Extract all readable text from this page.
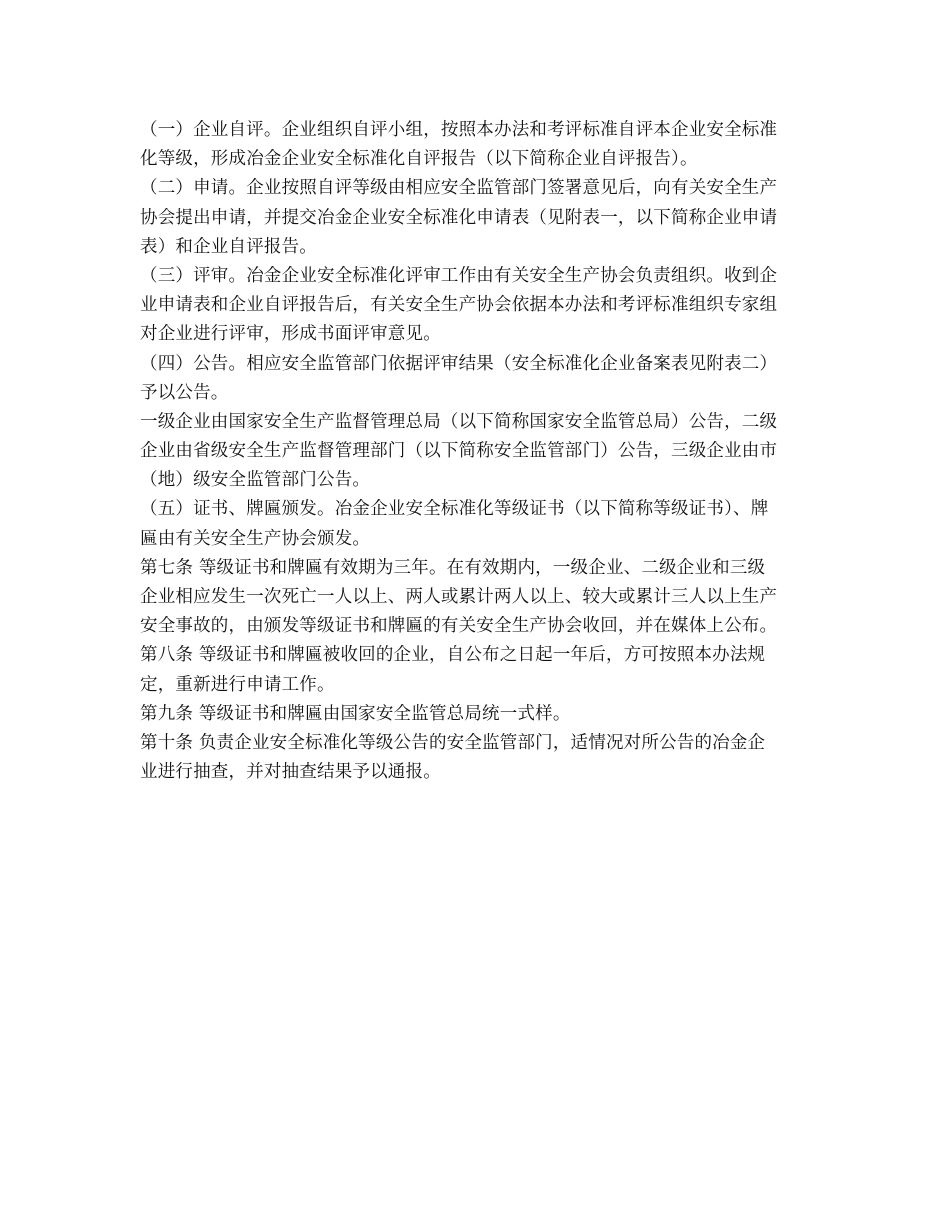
（一）企业自评。企业组织自评小组，按照本办法和考评标准自评本企业安全标准
化等级，形成冶金企业安全标准化自评报告（以下简称企业自评报告）。
（二）申请。企业按照自评等级由相应安全监管部门签署意见后，向有关安全生产
协会提出申请，并提交冶金企业安全标准化申请表（见附表一，以下简称企业申请
表）和企业自评报告。
（三）评审。冶金企业安全标准化评审工作由有关安全生产协会负责组织。收到企
业申请表和企业自评报告后，有关安全生产协会依据本办法和考评标准组织专家组
对企业进行评审，形成书面评审意见。
（四）公告。相应安全监管部门依据评审结果（安全标准化企业备案表见附表二）
予以公告。
一级企业由国家安全生产监督管理总局（以下简称国家安全监管总局）公告，二级
企业由省级安全生产监督管理部门（以下简称安全监管部门）公告，三级企业由市
（地）级安全监管部门公告。
（五）证书、牌匾颁发。冶金企业安全标准化等级证书（以下简称等级证书）、牌
匾由有关安全生产协会颁发。
第七条 等级证书和牌匾有效期为三年。在有效期内，一级企业、二级企业和三级
企业相应发生一次死亡一人以上、两人或累计两人以上、较大或累计三人以上生产
安全事故的，由颁发等级证书和牌匾的有关安全生产协会收回，并在媒体上公布。
第八条 等级证书和牌匾被收回的企业，自公布之日起一年后，方可按照本办法规
定，重新进行申请工作。
第九条 等级证书和牌匾由国家安全监管总局统一式样。
第十条 负责企业安全标准化等级公告的安全监管部门，适情况对所公告的冶金企
业进行抽查，并对抽查结果予以通报。
